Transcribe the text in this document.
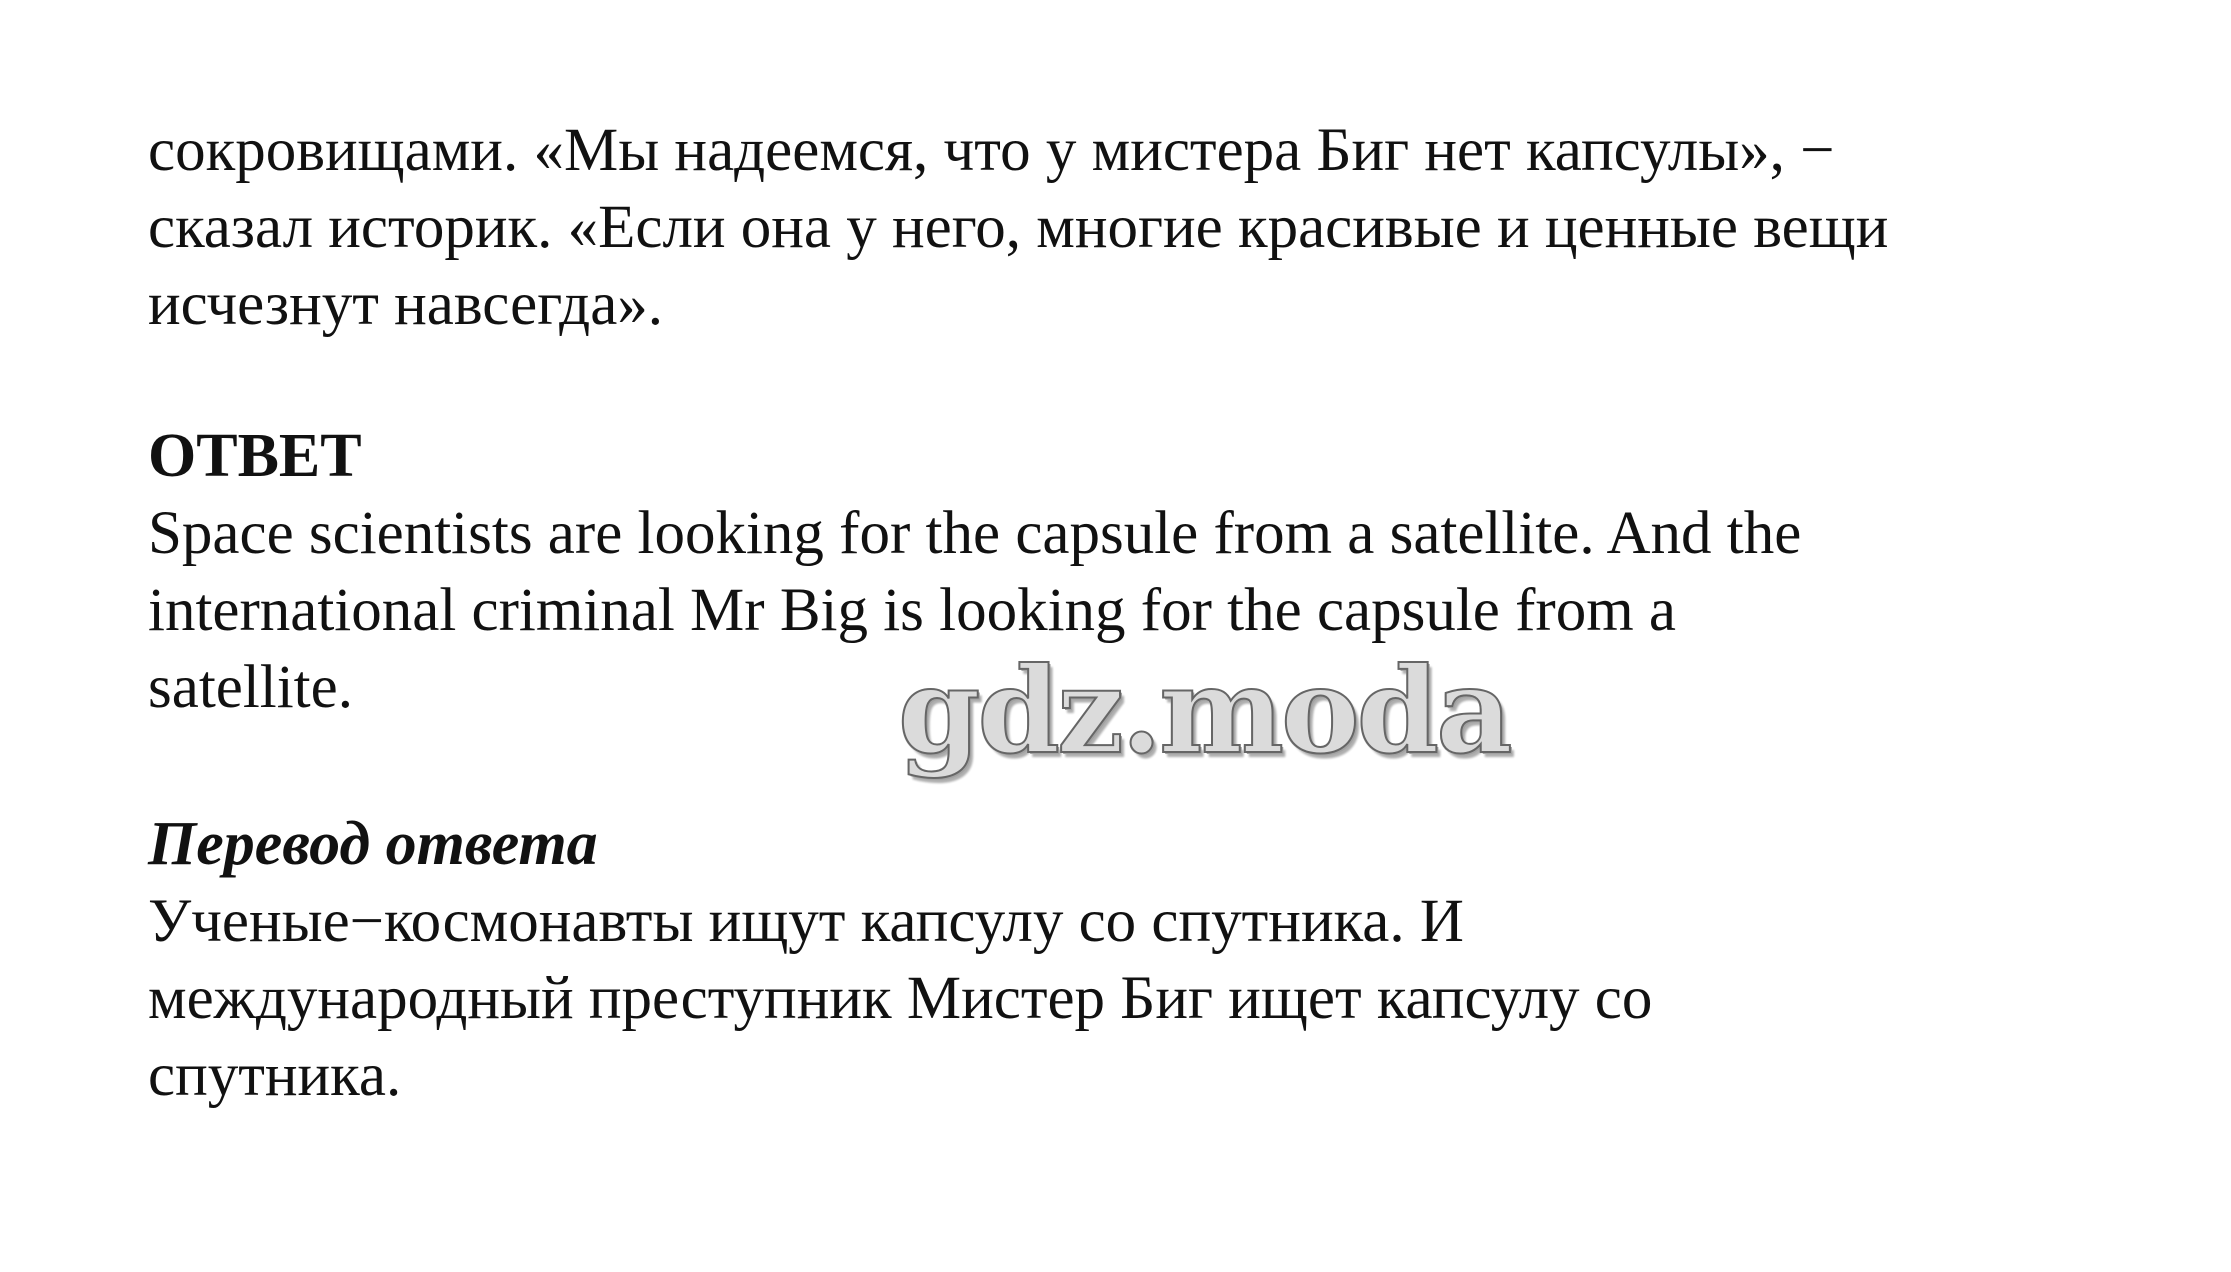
сокровищами. «Мы надеемся, что у мистера Биг нет капсулы», −
сказал историк. «Если она у него, многие красивые и ценные вещи
исчезнут навсегда».
ОТВЕТ
Space scientists are looking for the capsule from a satellite. And the
international criminal Mr Big is looking for the capsule from a
satellite.
Перевод ответа
Ученые−космонавты ищут капсулу со спутника. И
международный преступник Мистер Биг ищет капсулу со
спутника.
gdz.moda
